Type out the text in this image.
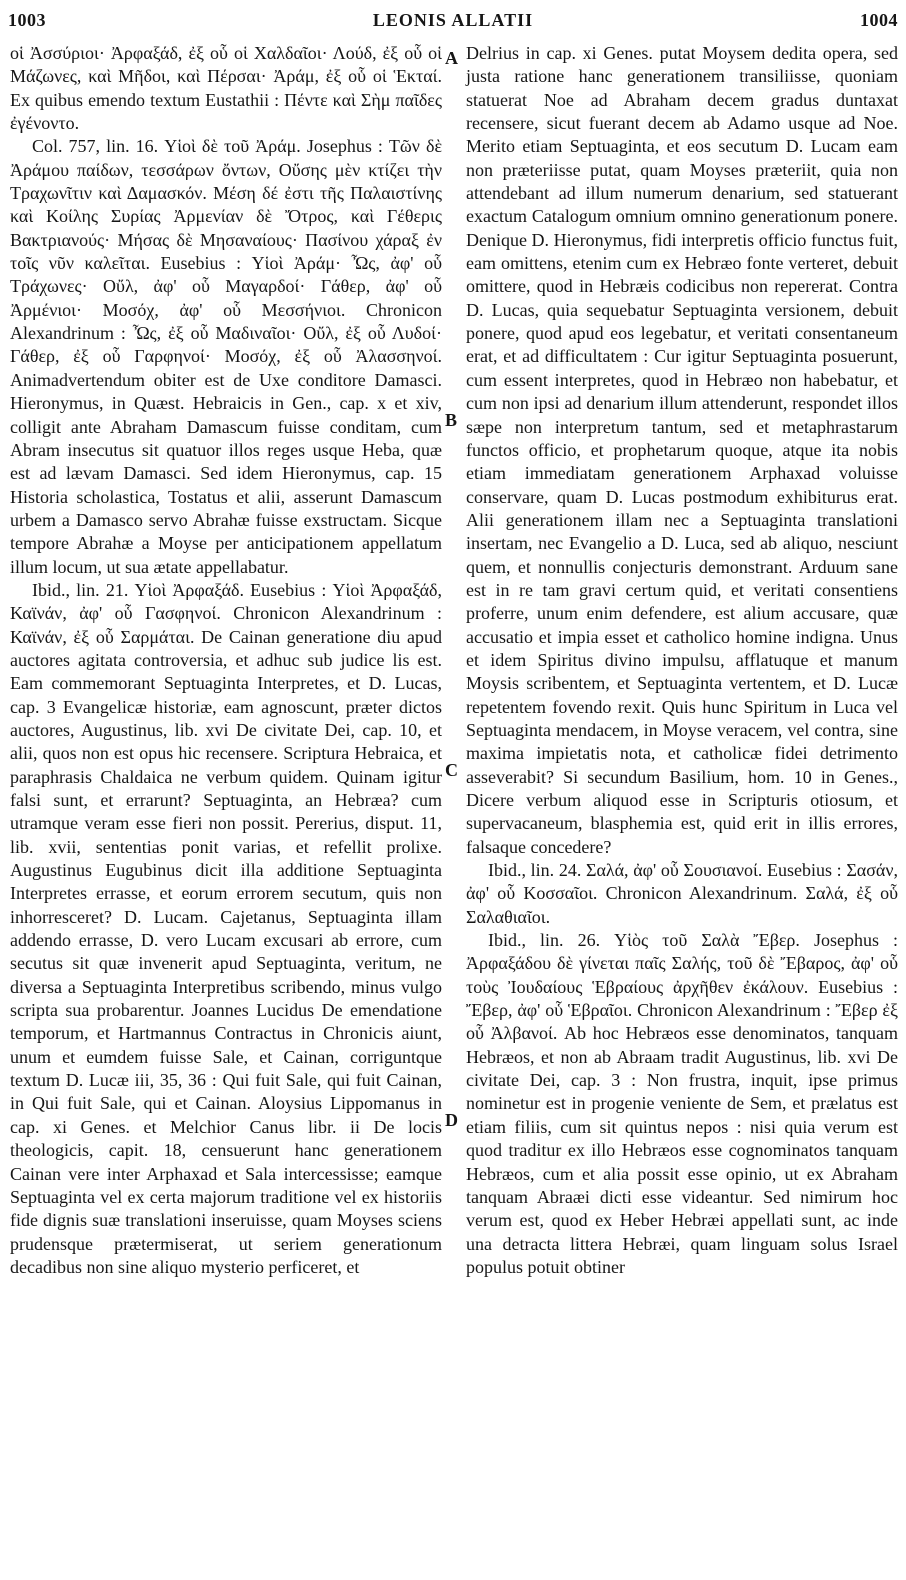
1003	LEONIS ALLATII	1004
A
B
C
D

οἱ Ἀσσύριοι· Ἀρφαξάδ, ἐξ οὗ οἱ Χαλδαῖοι· Λούδ, ἐξ οὗ οἱ Μάζωνες, καὶ Μῆδοι, καὶ Πέρσαι· Ἀράμ, ἐξ οὗ οἱ Ἑκταί. Ex quibus emendo textum Eustathii : Πέντε καὶ Σὴμ παῖδες ἐγένοντο.

Col. 757, lin. 16. Υἱοὶ δὲ τοῦ Ἀράμ. Josephus : Τῶν δὲ Ἀράμου παίδων, τεσσάρων ὄντων, Οὔσης μὲν κτίζει τὴν Τραχωνῖτιν καὶ Δαμασκόν. Μέση δέ ἐστι τῆς Παλαιστίνης καὶ Κοίλης Συρίας Ἀρμενίαν δὲ Ὄτρος, καὶ Γέθερις Βακτριανούς· Μήσας δὲ Μησαναίους· Πασίνου χάραξ ἐν τοῖς νῦν καλεῖται. Eusebius : Υἱοὶ Ἀράμ· Ὦς, ἀφ' οὗ Τράχωνες· Οὔλ, ἀφ' οὗ Μαγαρδοί· Γάθερ, ἀφ' οὗ Ἀρμένιοι· Μοσόχ, ἀφ' οὗ Μεσσήνιοι. Chronicon Alexandrinum : Ὦς, ἐξ οὗ Μαδιναῖοι· Οὔλ, ἐξ οὗ Λυδοί· Γάθερ, ἐξ οὗ Γαρφηνοί· Μοσόχ, ἐξ οὗ Ἀλασσηνοί. Animadvertendum obiter est de Uxe conditore Damasci. Hieronymus, in Quæst. Hebraicis in Gen., cap. x et xiv, colligit ante Abraham Damascum fuisse conditam, cum Abram insecutus sit quatuor illos reges usque Heba, quæ est ad lævam Damasci. Sed idem Hieronymus, cap. 15 Historia scholastica, Tostatus et alii, asserunt Damascum urbem a Damasco servo Abrahæ fuisse exstructam. Sicque tempore Abrahæ a Moyse per anticipationem appellatum illum locum, ut sua ætate appellabatur.

Ibid., lin. 21. Υἱοὶ Ἀρφαξάδ. Eusebius : Υἱοὶ Ἀρφαξάδ, Καϊνάν, ἀφ' οὗ Γασφηνοί. Chronicon Alexandrinum : Καϊνάν, ἐξ οὗ Σαρμάται. De Cainan generatione diu apud auctores agitata controversia, et adhuc sub judice lis est. Eam commemorant Septuaginta Interpretes, et D. Lucas, cap. 3 Evangelicæ historiæ, eam agnoscunt, præter dictos auctores, Augustinus, lib. xvi De civitate Dei, cap. 10, et alii, quos non est opus hic recensere. Scriptura Hebraica, et paraphrasis Chaldaica ne verbum quidem. Quinam igitur falsi sunt, et errarunt? Septuaginta, an Hebræa? cum utramque veram esse fieri non possit. Pererius, disput. 11, lib. xvii, sententias ponit varias, et refellit prolixe. Augustinus Eugubinus dicit illa additione Septuaginta Interpretes errasse, et eorum errorem secutum, quis non inhorresceret? D. Lucam. Cajetanus, Septuaginta illam addendo errasse, D. vero Lucam excusari ab errore, cum secutus sit quæ invenerit apud Septuaginta, veritum, ne diversa a Septuaginta Interpretibus scribendo, minus vulgo scripta sua probarentur. Joannes Lucidus De emendatione temporum, et Hartmannus Contractus in Chronicis aiunt, unum et eumdem fuisse Sale, et Cainan, corriguntque textum D. Lucæ iii, 35, 36 : Qui fuit Sale, qui fuit Cainan, in Qui fuit Sale, qui et Cainan. Aloysius Lippomanus in cap. xi Genes. et Melchior Canus libr. ii De locis theologicis, capit. 18, censuerunt hanc generationem Cainan vere inter Arphaxad et Sala intercessisse; eamque Septuaginta vel ex certa majorum traditione vel ex historiis fide dignis suæ translationi inseruisse, quam Moyses sciens prudensque prætermiserat, ut seriem generationum decadibus non sine aliquo mysterio perficeret, et

Delrius in cap. xi Genes. putat Moysem dedita opera, sed justa ratione hanc generationem transiliisse, quoniam statuerat Noe ad Abraham decem gradus duntaxat recensere, sicut fuerant decem ab Adamo usque ad Noe. Merito etiam Septuaginta, et eos secutum D. Lucam eam non præteriisse putat, quam Moyses præteriit, quia non attendebant ad illum numerum denarium, sed statuerant exactum Catalogum omnium omnino generationum ponere. Denique D. Hieronymus, fidi interpretis officio functus fuit, eam omittens, etenim cum ex Hebræo fonte verteret, debuit omittere, quod in Hebræis codicibus non repererat. Contra D. Lucas, quia sequebatur Septuaginta versionem, debuit ponere, quod apud eos legebatur, et veritati consentaneum erat, et ad difficultatem : Cur igitur Septuaginta posuerunt, cum essent interpretes, quod in Hebræo non habebatur, et cum non ipsi ad denarium illum attenderunt, respondet illos sæpe non interpretum tantum, sed et metaphrastarum functos officio, et prophetarum quoque, atque ita nobis etiam immediatam generationem Arphaxad voluisse conservare, quam D. Lucas postmodum exhibiturus erat. Alii generationem illam nec a Septuaginta translationi insertam, nec Evangelio a D. Luca, sed ab aliquo, nesciunt quem, et nonnullis conjecturis demonstrant. Arduum sane est in re tam gravi certum quid, et veritati consentiens proferre, unum enim defendere, est alium accusare, quæ accusatio et impia esset et catholico homine indigna. Unus et idem Spiritus divino impulsu, afflatuque et manum Moysis scribentem, et Septuaginta vertentem, et D. Lucæ repetentem fovendo rexit. Quis hunc Spiritum in Luca vel Septuaginta mendacem, in Moyse veracem, vel contra, sine maxima impietatis nota, et catholicæ fidei detrimento asseverabit? Si secundum Basilium, hom. 10 in Genes., Dicere verbum aliquod esse in Scripturis otiosum, et supervacaneum, blasphemia est, quid erit in illis errores, falsaque concedere?

Ibid., lin. 24. Σαλά, ἀφ' οὗ Σουσιανοί. Eusebius : Σασάν, ἀφ' οὗ Κοσσαῖοι. Chronicon Alexandrinum. Σαλά, ἐξ οὗ Σαλαθιαῖοι.

Ibid., lin. 26. Υἱὸς τοῦ Σαλὰ Ἔβερ. Josephus : Ἀρφαξάδου δὲ γίνεται παῖς Σαλής, τοῦ δὲ Ἔβαρος, ἀφ' οὗ τοὺς Ἰουδαίους Ἑβραίους ἀρχῆθεν ἐκάλουν. Eusebius : Ἔβερ, ἀφ' οὗ Ἑβραῖοι. Chronicon Alexandrinum : Ἔβερ ἐξ οὗ Ἀλβανοί. Ab hoc Hebræos esse denominatos, tanquam Hebræos, et non ab Abraam tradit Augustinus, lib. xvi De civitate Dei, cap. 3 : Non frustra, inquit, ipse primus nominetur est in progenie veniente de Sem, et prælatus est etiam filiis, cum sit quintus nepos : nisi quia verum est quod traditur ex illo Hebræos esse cognominatos tanquam Hebræos, cum et alia possit esse opinio, ut ex Abraham tanquam Abraæi dicti esse videantur. Sed nimirum hoc verum est, quod ex Heber Hebræi appellati sunt, ac inde una detracta littera Hebræi, quam linguam solus Israel populus potuit obtiner
